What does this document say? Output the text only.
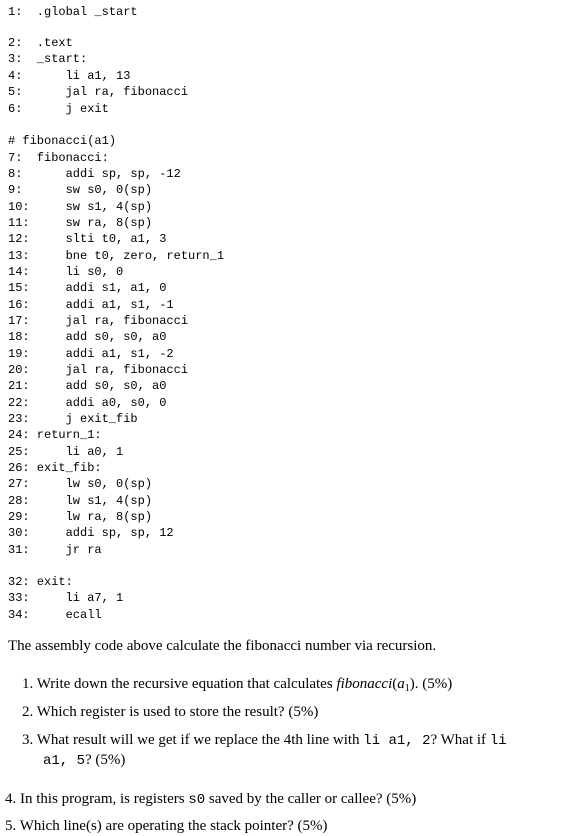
1:  .global _start

2:  .text

3:  _start:

4:      li a1, 13

5:      jal ra, fibonacci

6:      j exit

# fibonacci(a1)

7:  fibonacci:

8:      addi sp, sp, -12

9:      sw s0, 0(sp)

10:     sw s1, 4(sp)

11:     sw ra, 8(sp)

12:     slti t0, a1, 3

13:     bne t0, zero, return_1

14:     li s0, 0

15:     addi s1, a1, 0

16:     addi a1, s1, -1

17:     jal ra, fibonacci

18:     add s0, s0, a0

19:     addi a1, s1, -2

20:     jal ra, fibonacci

21:     add s0, s0, a0

22:     addi a0, s0, 0

23:     j exit_fib

24: return_1:

25:     li a0, 1

26: exit_fib:

27:     lw s0, 0(sp)

28:     lw s1, 4(sp)

29:     lw ra, 8(sp)

30:     addi sp, sp, 12

31:     jr ra

32: exit:

33:     li a7, 1

34:     ecall

The assembly code above calculate the fibonacci number via recursion.
1. Write down the recursive equation that calculates $fibonacci(a_1)$. (5%)
2. Which register is used to store the result? (5%)
3. What result will we get if we replace the 4th line with li a1, 2? What if li
a1, 5? (5%)
4. In this program, is registers s0 saved by the caller or callee? (5%)
5. Which line(s) are operating the stack pointer? (5%)
